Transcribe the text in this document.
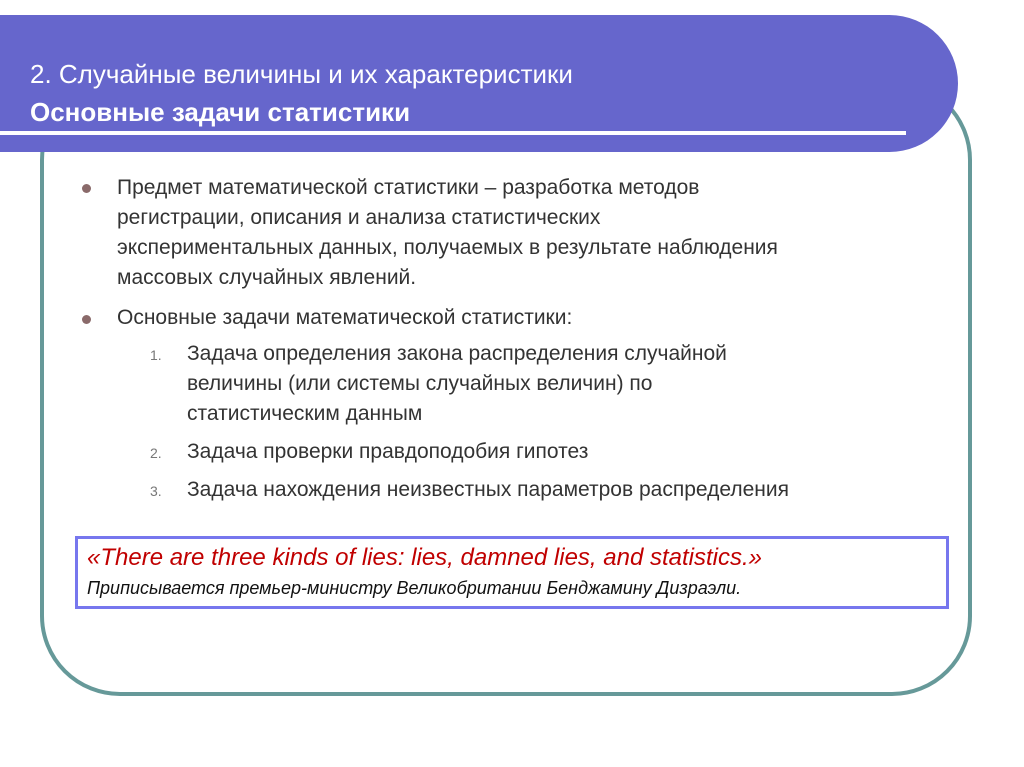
2. Случайные величины и их характеристики
Основные задачи статистики
Предмет математической статистики – разработка методов
регистрации, описания и анализа статистических
экспериментальных данных, получаемых в результате наблюдения
массовых случайных явлений.
Основные задачи математической статистики:
1. Задача определения закона распределения случайной
величины (или системы случайных величин) по
статистическим данным
2. Задача проверки правдоподобия гипотез
3. Задача нахождения неизвестных параметров распределения
«There are three kinds of lies: lies, damned lies, and statistics.»
Приписывается премьер-министру Великобритании Бенджамину Дизраэли.
